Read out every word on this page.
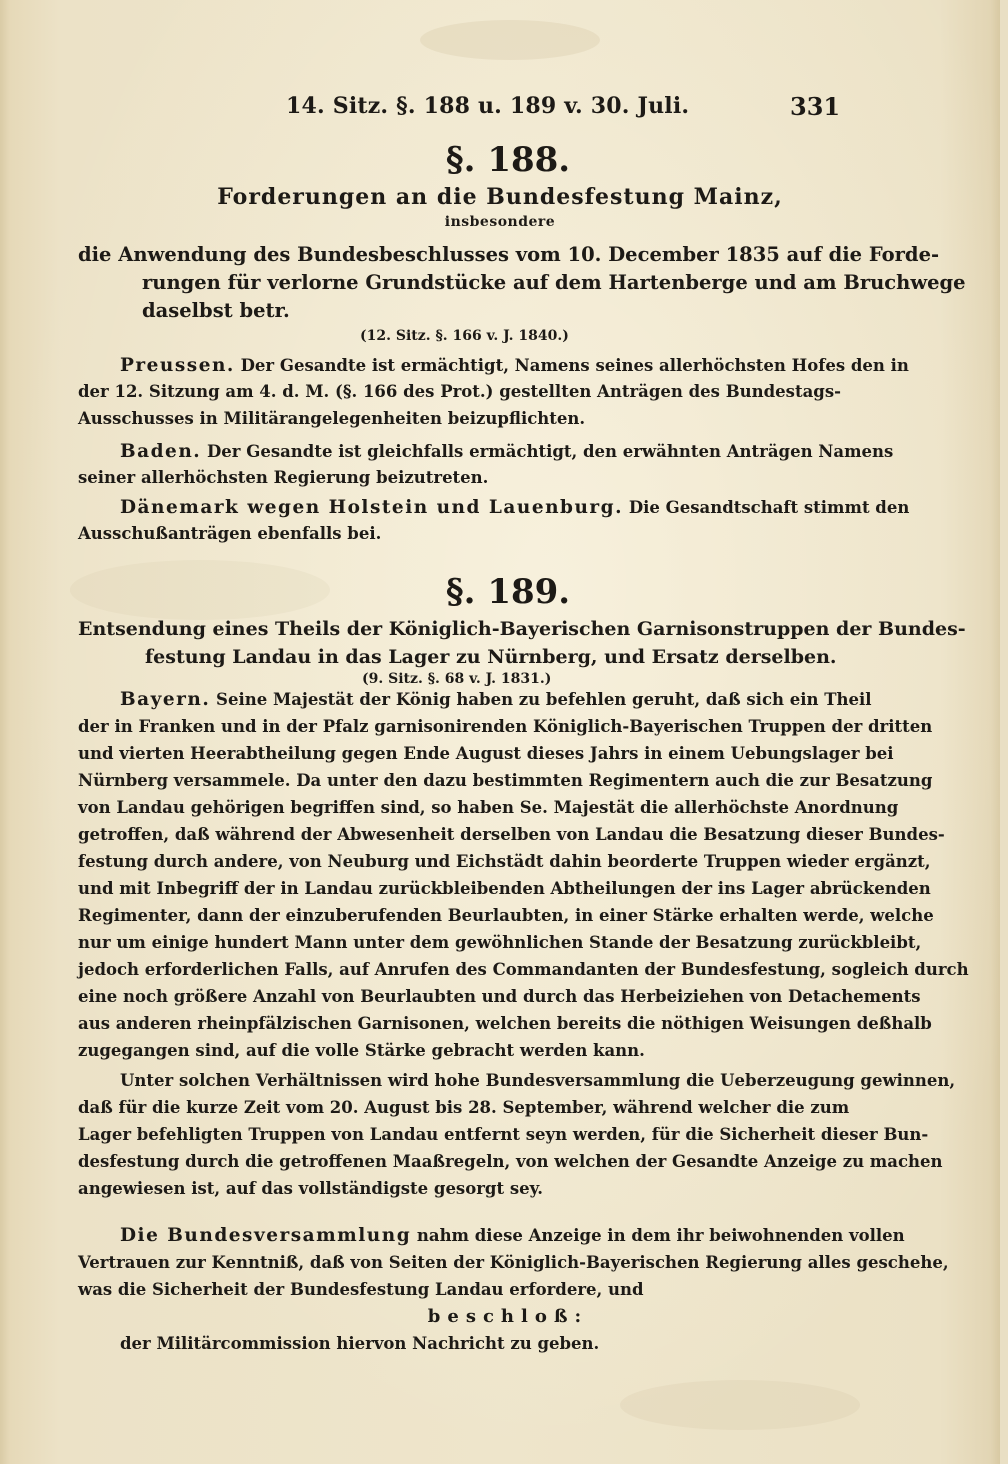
14. Sitz. §. 188 u. 189 v. 30. Juli.	331
§. 188.
Forderungen an die Bundesfestung Mainz,
insbesondere
die Anwendung des Bundesbeschlusses vom 10. December 1835 auf die Forde-
rungen für verlorne Grundstücke auf dem Hartenberge und am Bruchwege
daselbst betr.
(12. Sitz. §. 166 v. J. 1840.)
Preussen. Der Gesandte ist ermächtigt, Namens seines allerhöchsten Hofes den in
der 12. Sitzung am 4. d. M. (§. 166 des Prot.) gestellten Anträgen des Bundestags-
Ausschusses in Militärangelegenheiten beizupflichten.
Baden. Der Gesandte ist gleichfalls ermächtigt, den erwähnten Anträgen Namens
seiner allerhöchsten Regierung beizutreten.
Dänemark wegen Holstein und Lauenburg. Die Gesandtschaft stimmt den
Ausschußanträgen ebenfalls bei.
§. 189.
Entsendung eines Theils der Königlich-Bayerischen Garnisonstruppen der Bundes-
festung Landau in das Lager zu Nürnberg, und Ersatz derselben.
(9. Sitz. §. 68 v. J. 1831.)
Bayern. Seine Majestät der König haben zu befehlen geruht, daß sich ein Theil
der in Franken und in der Pfalz garnisonirenden Königlich-Bayerischen Truppen der dritten
und vierten Heerabtheilung gegen Ende August dieses Jahrs in einem Uebungslager bei
Nürnberg versammele. Da unter den dazu bestimmten Regimentern auch die zur Besatzung
von Landau gehörigen begriffen sind, so haben Se. Majestät die allerhöchste Anordnung
getroffen, daß während der Abwesenheit derselben von Landau die Besatzung dieser Bundes-
festung durch andere, von Neuburg und Eichstädt dahin beorderte Truppen wieder ergänzt,
und mit Inbegriff der in Landau zurückbleibenden Abtheilungen der ins Lager abrückenden
Regimenter, dann der einzuberufenden Beurlaubten, in einer Stärke erhalten werde, welche
nur um einige hundert Mann unter dem gewöhnlichen Stande der Besatzung zurückbleibt,
jedoch erforderlichen Falls, auf Anrufen des Commandanten der Bundesfestung, sogleich durch
eine noch größere Anzahl von Beurlaubten und durch das Herbeiziehen von Detachements
aus anderen rheinpfälzischen Garnisonen, welchen bereits die nöthigen Weisungen deßhalb
zugegangen sind, auf die volle Stärke gebracht werden kann.
Unter solchen Verhältnissen wird hohe Bundesversammlung die Ueberzeugung gewinnen,
daß für die kurze Zeit vom 20. August bis 28. September, während welcher die zum
Lager befehligten Truppen von Landau entfernt seyn werden, für die Sicherheit dieser Bun-
desfestung durch die getroffenen Maaßregeln, von welchen der Gesandte Anzeige zu machen
angewiesen ist, auf das vollständigste gesorgt sey.
Die Bundesversammlung nahm diese Anzeige in dem ihr beiwohnenden vollen
Vertrauen zur Kenntniß, daß von Seiten der Königlich-Bayerischen Regierung alles geschehe,
was die Sicherheit der Bundesfestung Landau erfordere, und
beschloß:
der Militärcommission hiervon Nachricht zu geben.
